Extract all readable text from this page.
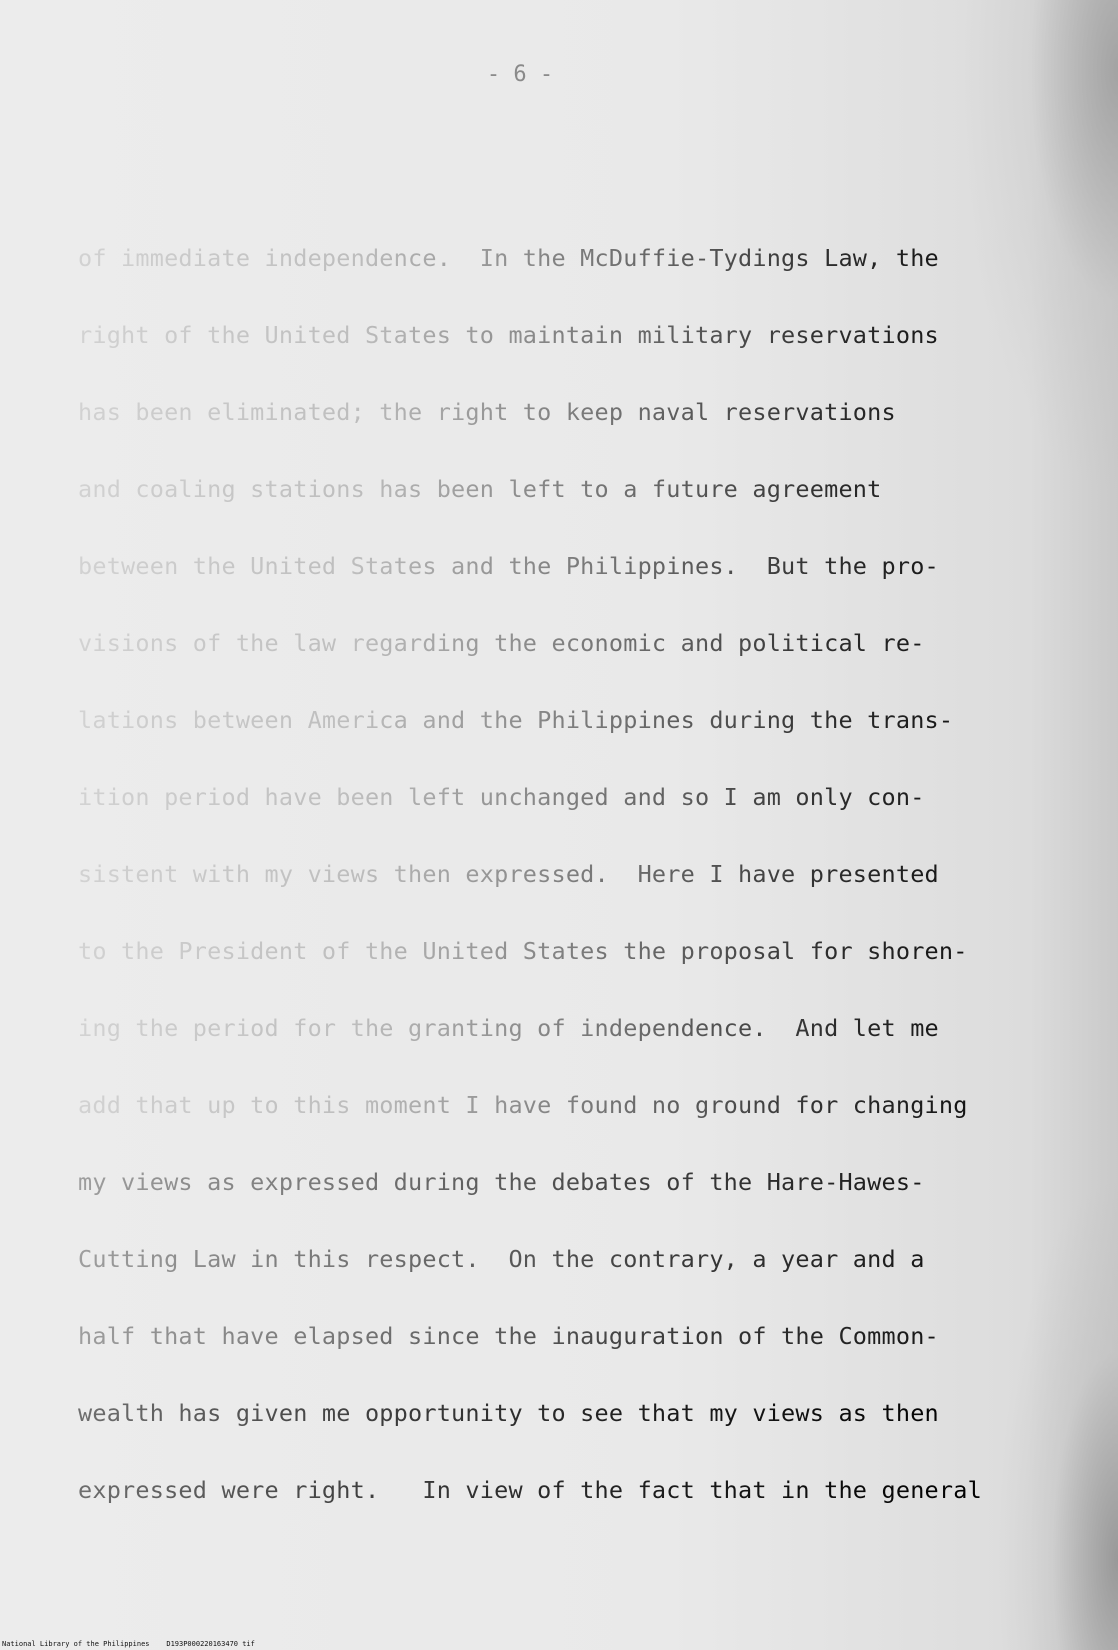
- 6 -
of immediate independence.  In the McDuffie-Tydings Law, the
right of the United States to maintain military reservations
has been eliminated; the right to keep naval reservations
and coaling stations has been left to a future agreement
between the United States and the Philippines.  But the pro-
visions of the law regarding the economic and political re-
lations between America and the Philippines during the trans-
ition period have been left unchanged and so I am only con-
sistent with my views then expressed.  Here I have presented
to the President of the United States the proposal for shoren-
ing the period for the granting of independence.  And let me
add that up to this moment I have found no ground for changing
my views as expressed during the debates of the Hare-Hawes-
Cutting Law in this respect.  On the contrary, a year and a
half that have elapsed since the inauguration of the Common-
wealth has given me opportunity to see that my views as then
expressed were right.   In view of the fact that in the general
National Library of the Philippines    D193P000220163470 tif
